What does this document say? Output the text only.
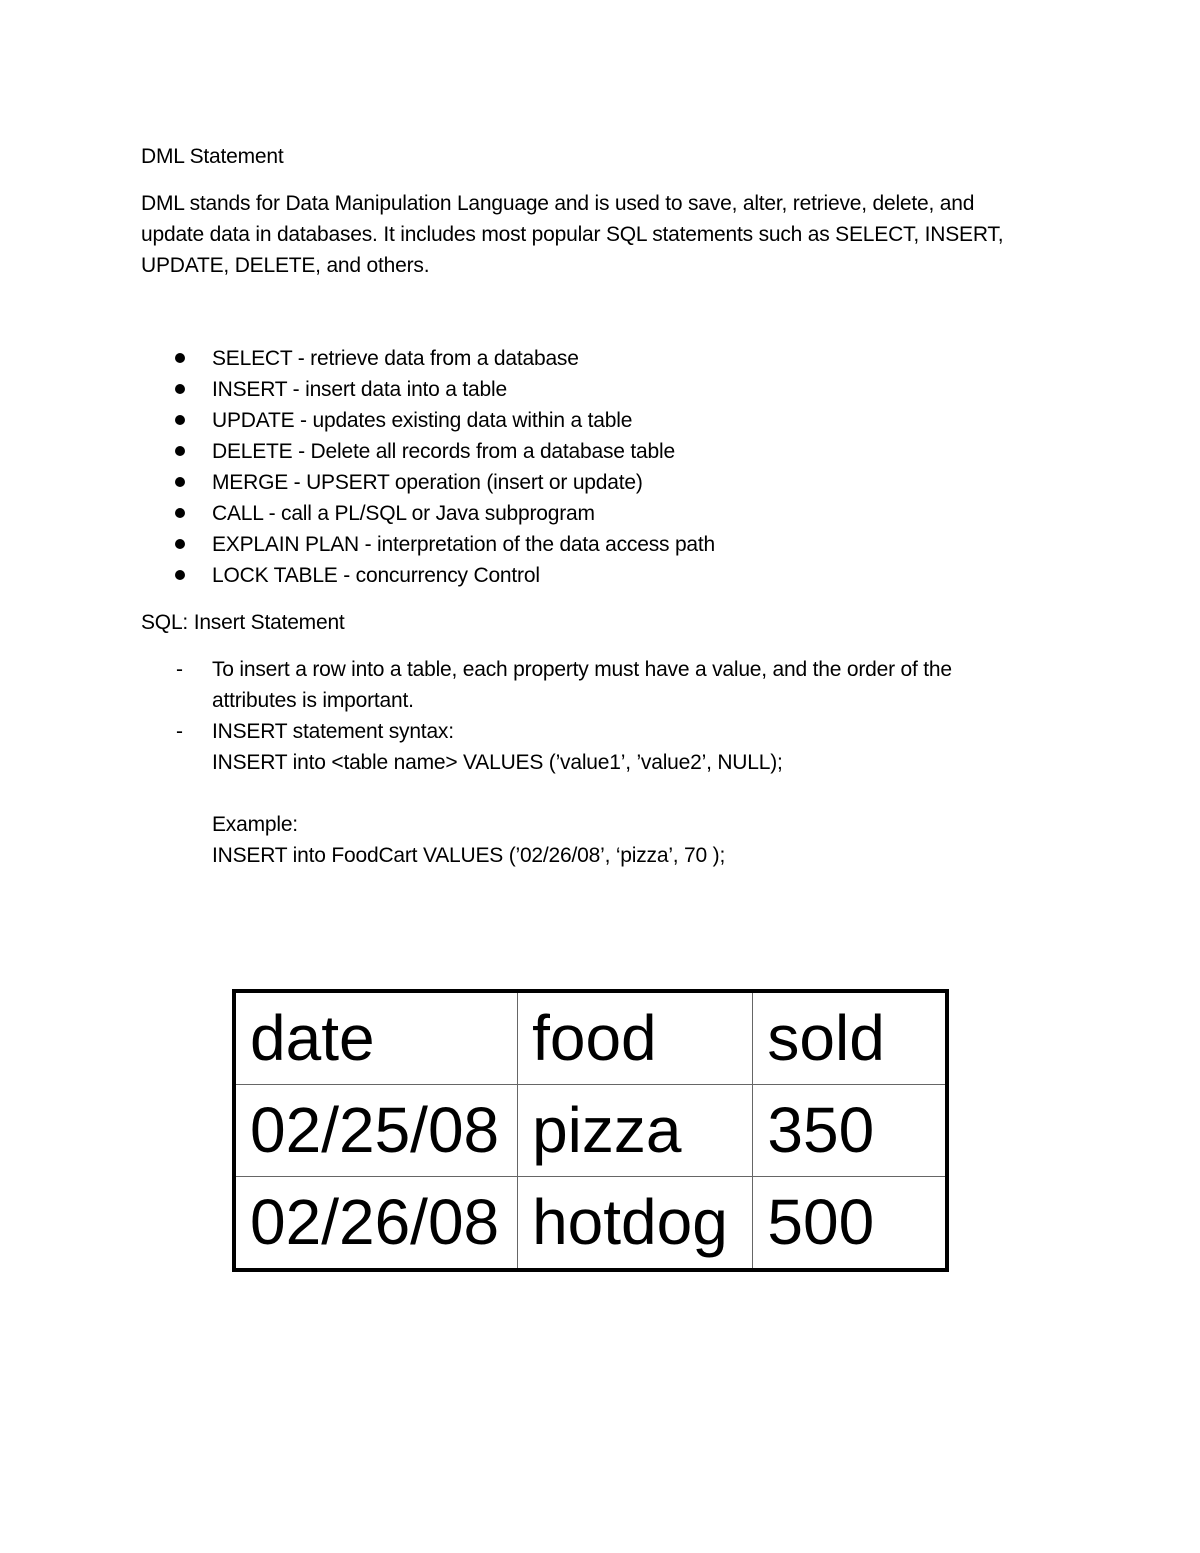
DML Statement
DML stands for Data Manipulation Language and is used to save, alter, retrieve, delete, and update data in databases. It includes most popular SQL statements such as SELECT, INSERT, UPDATE, DELETE, and others.
SELECT - retrieve data from a database
INSERT - insert data into a table
UPDATE - updates existing data within a table
DELETE - Delete all records from a database table
MERGE - UPSERT operation (insert or update)
CALL - call a PL/SQL or Java subprogram
EXPLAIN PLAN - interpretation of the data access path
LOCK TABLE - concurrency Control
SQL: Insert Statement
- To insert a row into a table, each property must have a value, and the order of the
attributes is important.
- INSERT statement syntax:
INSERT into <table name> VALUES (’value1’, ’value2’, NULL);
Example:
INSERT into FoodCart VALUES (’02/26/08’, ‘pizza’, 70 );
date	food	sold
02/25/08	pizza	350
02/26/08	hotdog	500
